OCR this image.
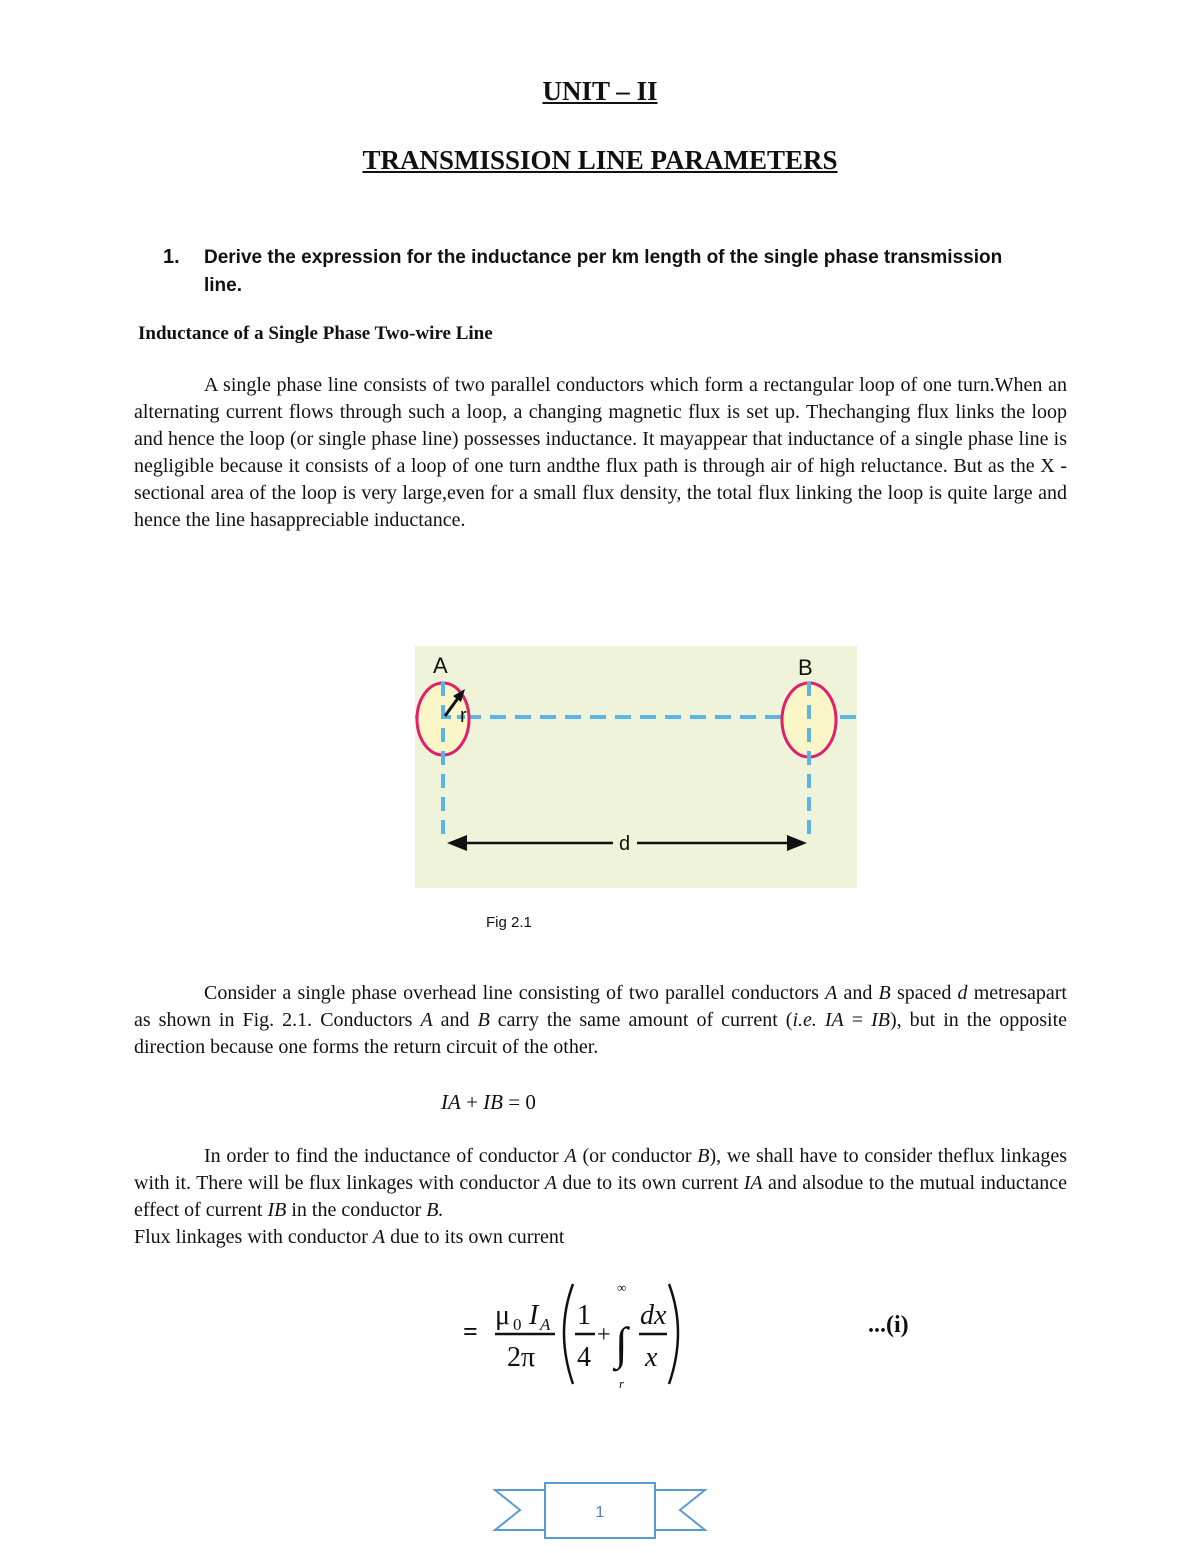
UNIT – II
TRANSMISSION LINE PARAMETERS
1. Derive the expression for the inductance per km length of the single phase transmission line.
Inductance of a Single Phase Two-wire Line

A single phase line consists of two parallel conductors which form a rectangular loop of one turn.When an alternating current flows through such a loop, a changing magnetic flux is set up. Thechanging flux links the loop and hence the loop (or single phase line) possesses inductance. It mayappear that inductance of a single phase line is negligible because it consists of a loop of one turn andthe flux path is through air of high reluctance. But as the X -sectional area of the loop is very large,even for a small flux density, the total flux linking the loop is quite large and hence the line hasappreciable inductance.

r
A	B
d
Fig 2.1

Consider a single phase overhead line consisting of two parallel conductors A and B spaced d metresapart as shown in Fig. 2.1. Conductors A and B carry the same amount of current (i.e. IA = IB), but in the opposite direction because one forms the return circuit of the other.

IA + IB = 0

In order to find the inductance of conductor A (or conductor B), we shall have to consider theflux linkages with it. There will be flux linkages with conductor A due to its own current IA and alsodue to the mutual inductance effect of current IB in the conductor B.

Flux linkages with conductor A due to its own current

=
μ 0 I A
2π
1
4
+ ∫
∞
r
dx
x
...(i)
1
